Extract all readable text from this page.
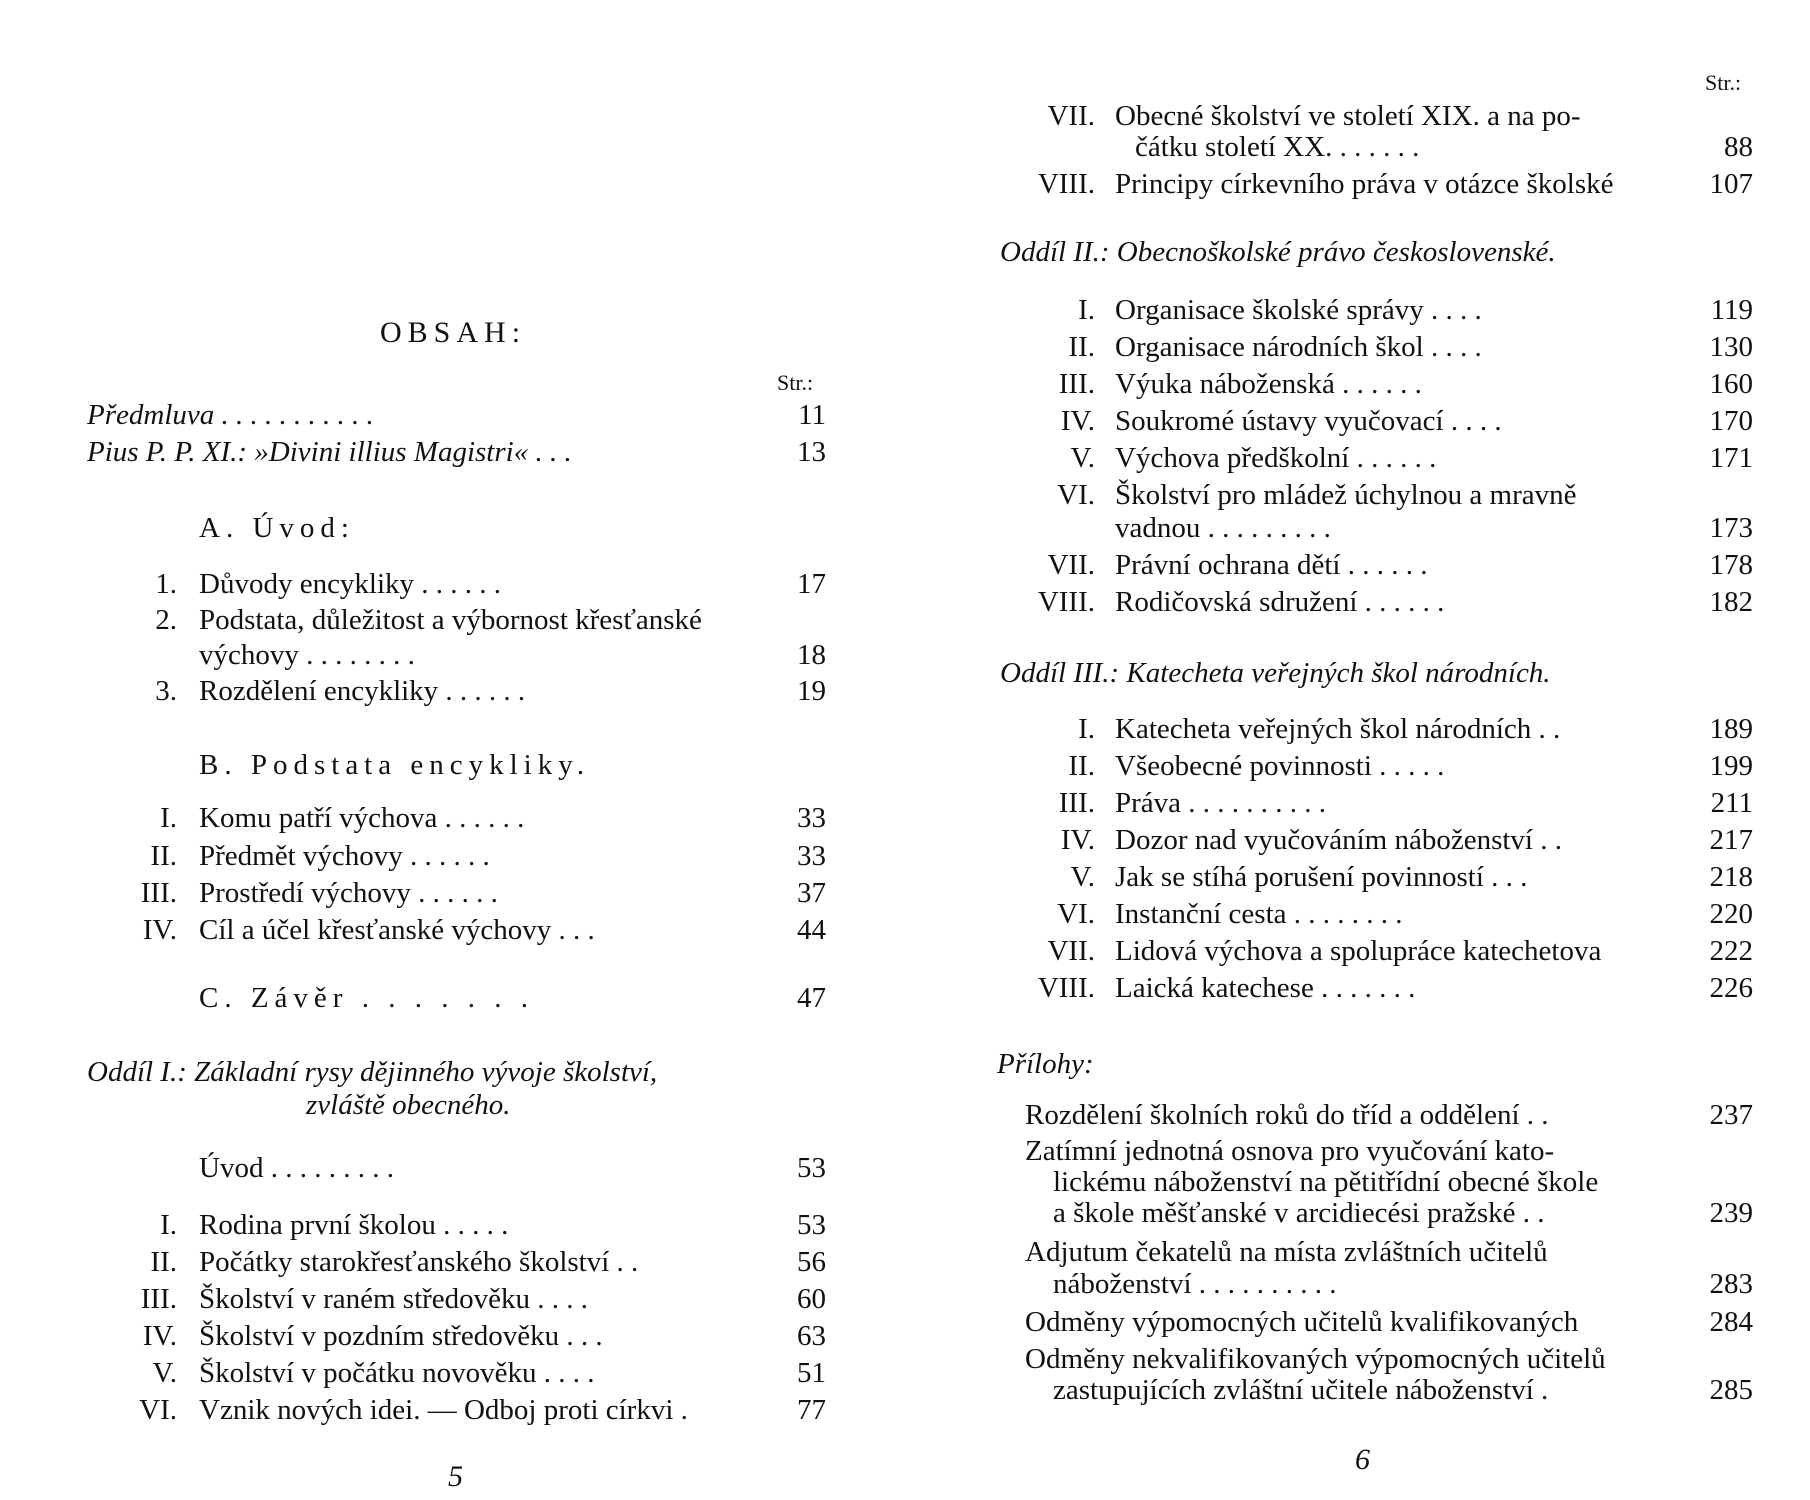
OBSAH:
Str.:
Předmluva . . . . . . . . . . .	11
Pius P. P. XI.: »Divini illius Magistri« . . .	13
A. Úvod:
1. Důvody encykliky . . . . . .	17
2. Podstata, důležitost a výbornost křesťanské
výchovy . . . . . . . .	18
3. Rozdělení encykliky . . . . . .	19
B. Podstata encykliky.
I. Komu patří výchova . . . . . .	33
II. Předmět výchovy . . . . . .	33
III. Prostředí výchovy . . . . . .	37
IV. Cíl a účel křesťanské výchovy . . .	44
C. Závěr . . . . . . .	47
Oddíl I.: Základní rysy dějinného vývoje školství,
zvláště obecného.
Úvod . . . . . . . . .	53
I. Rodina první školou . . . . .	53
II. Počátky starokřesťanského školství . .	56
III. Školství v raném středověku . . . .	60
IV. Školství v pozdním středověku . . .	63
V. Školství v počátku novověku . . . .	51
VI. Vznik nových idei. — Odboj proti církvi .	77
5
Str.:
VII. Obecné školství ve století XIX. a na po-
čátku století XX. . . . . . .	88
VIII. Principy církevního práva v otázce školské	107
Oddíl II.: Obecnoškolské právo československé.
I. Organisace školské správy . . . .	119
II. Organisace národních škol . . . .	130
III. Výuka náboženská . . . . . .	160
IV. Soukromé ústavy vyučovací . . . .	170
V. Výchova předškolní . . . . . .	171
VI. Školství pro mládež úchylnou a mravně
vadnou . . . . . . . . .	173
VII. Právní ochrana dětí . . . . . .	178
VIII. Rodičovská sdružení . . . . . .	182
Oddíl III.: Katecheta veřejných škol národních.
I. Katecheta veřejných škol národních . .	189
II. Všeobecné povinnosti . . . . .	199
III. Práva . . . . . . . . . .	211
IV. Dozor nad vyučováním náboženství . .	217
V. Jak se stíhá porušení povinností . . .	218
VI. Instanční cesta . . . . . . . .	220
VII. Lidová výchova a spolupráce katechetova	222
VIII. Laická katechese . . . . . . .	226
Přílohy:
Rozdělení školních roků do tříd a oddělení . .	237
Zatímní jednotná osnova pro vyučování kato-
lickému náboženství na pětitřídní obecné škole
a škole měšťanské v arcidiecési pražské . .	239
Adjutum čekatelů na místa zvláštních učitelů
náboženství . . . . . . . . . .	283
Odměny výpomocných učitelů kvalifikovaných	284
Odměny nekvalifikovaných výpomocných učitelů
zastupujících zvláštní učitele náboženství .	285
6
